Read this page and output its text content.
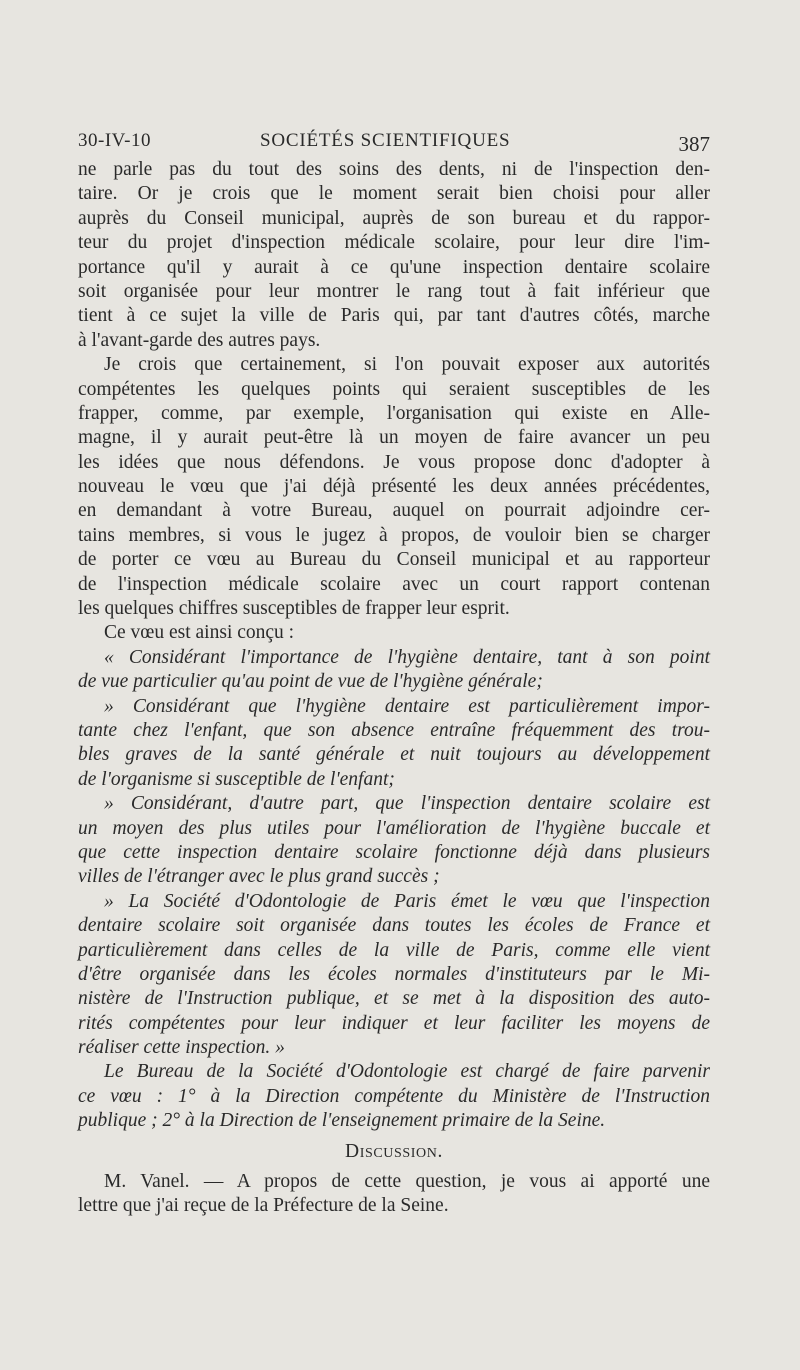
30-IV-10	SOCIÉTÉS SCIENTIFIQUES	387
ne parle pas du tout des soins des dents, ni de l'inspection den-
taire. Or je crois que le moment serait bien choisi pour aller
auprès du Conseil municipal, auprès de son bureau et du rappor-
teur du projet d'inspection médicale scolaire, pour leur dire l'im-
portance qu'il y aurait à ce qu'une inspection dentaire scolaire
soit organisée pour leur montrer le rang tout à fait inférieur que
tient à ce sujet la ville de Paris qui, par tant d'autres côtés, marche
à l'avant-garde des autres pays.
Je crois que certainement, si l'on pouvait exposer aux autorités
compétentes les quelques points qui seraient susceptibles de les
frapper, comme, par exemple, l'organisation qui existe en Alle-
magne, il y aurait peut-être là un moyen de faire avancer un peu
les idées que nous défendons. Je vous propose donc d'adopter à
nouveau le vœu que j'ai déjà présenté les deux années précédentes,
en demandant à votre Bureau, auquel on pourrait adjoindre cer-
tains membres, si vous le jugez à propos, de vouloir bien se charger
de porter ce vœu au Bureau du Conseil municipal et au rapporteur
de l'inspection médicale scolaire avec un court rapport contenan
les quelques chiffres susceptibles de frapper leur esprit.
Ce vœu est ainsi conçu :
« Considérant l'importance de l'hygiène dentaire, tant à son point
de vue particulier qu'au point de vue de l'hygiène générale;
» Considérant que l'hygiène dentaire est particulièrement impor-
tante chez l'enfant, que son absence entraîne fréquemment des trou-
bles graves de la santé générale et nuit toujours au développement
de l'organisme si susceptible de l'enfant;
» Considérant, d'autre part, que l'inspection dentaire scolaire est
un moyen des plus utiles pour l'amélioration de l'hygiène buccale et
que cette inspection dentaire scolaire fonctionne déjà dans plusieurs
villes de l'étranger avec le plus grand succès ;
» La Société d'Odontologie de Paris émet le vœu que l'inspection
dentaire scolaire soit organisée dans toutes les écoles de France et
particulièrement dans celles de la ville de Paris, comme elle vient
d'être organisée dans les écoles normales d'instituteurs par le Mi-
nistère de l'Instruction publique, et se met à la disposition des auto-
rités compétentes pour leur indiquer et leur faciliter les moyens de
réaliser cette inspection. »
Le Bureau de la Société d'Odontologie est chargé de faire parvenir
ce vœu : 1° à la Direction compétente du Ministère de l'Instruction
publique ; 2° à la Direction de l'enseignement primaire de la Seine.
Discussion.
M. Vanel. — A propos de cette question, je vous ai apporté une
lettre que j'ai reçue de la Préfecture de la Seine.
